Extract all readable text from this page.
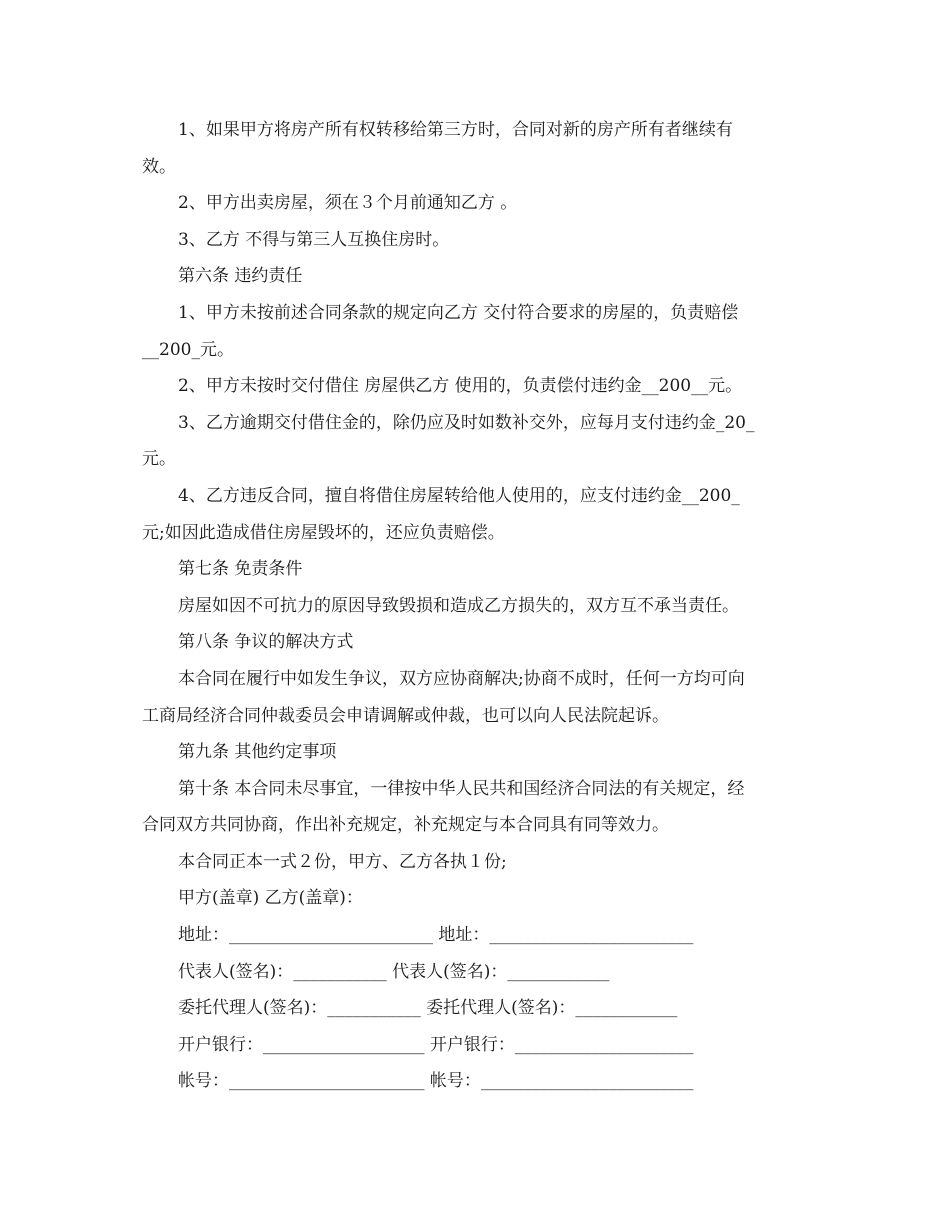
1、如果甲方将房产所有权转移给第三方时，合同对新的房产所有者继续有

效。

2、甲方出卖房屋，须在３个月前通知乙方 。

3、乙方 不得与第三人互换住房时。

第六条 违约责任

1、甲方未按前述合同条款的规定向乙方 交付符合要求的房屋的，负责赔偿

__200_元。

2、甲方未按时交付借住 房屋供乙方 使用的，负责偿付违约金__200__元。

3、乙方逾期交付借住金的，除仍应及时如数补交外，应每月支付违约金_20_

元。

4、乙方违反合同，擅自将借住房屋转给他人使用的，应支付违约金__200_

元;如因此造成借住房屋毁坏的，还应负责赔偿。

第七条 免责条件

房屋如因不可抗力的原因导致毁损和造成乙方损失的，双方互不承当责任。

第八条 争议的解决方式

本合同在履行中如发生争议，双方应协商解决;协商不成时，任何一方均可向

工商局经济合同仲裁委员会申请调解或仲裁，也可以向人民法院起诉。

第九条 其他约定事项

第十条 本合同未尽事宜，一律按中华人民共和国经济合同法的有关规定，经

合同双方共同协商，作出补充规定，补充规定与本合同具有同等效力。

本合同正本一式２份，甲方、乙方各执１份;

甲方(盖章) 乙方(盖章)：

地址：________________________ 地址：________________________

代表人(签名)：___________ 代表人(签名)：____________

委托代理人(签名)：___________ 委托代理人(签名)：____________

开户银行：___________________ 开户银行：_____________________

帐号：_______________________ 帐号：_________________________
